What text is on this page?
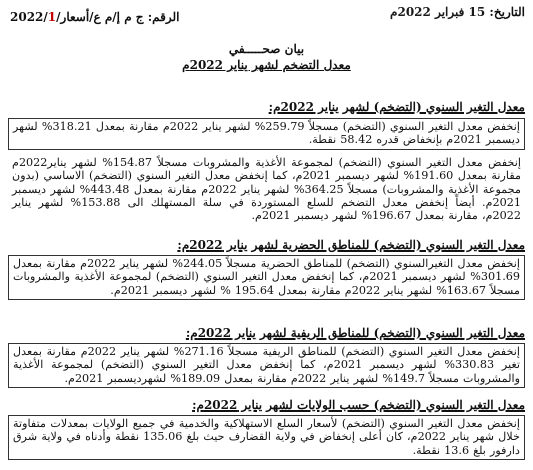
التاريخ: 15 فبراير 2022م
الرقم: ج م إ/م ع/أسعار/2022/1
بيان صحـــــفي
معدل التضخم لشهر يناير 2022م
معدل التغير السنوي (التضخم) لشهر يناير 2022م:
إنخفض معدل التغير السنوي (التضخم) مسجلاً 259.79% لشهر يناير 2022م مقارنة بمعدل 318.21% لشهر ديسمبر 2021م بإنخفاض قدره 58.42 نقطة.
إنخفض معدل التغير السنوي (التضخم) لمجموعة الأغذية والمشروبات مسجلاً 154.87% لشهر يناير2022م مقارنة بمعدل 191.60% لشهر ديسمبر 2021م، كما إنخفض معدل التغير السنوي (التضخم) الاساسي (بدون مجموعة الأغذية والمشروبات) مسجلاً 364.25% لشهر يناير 2022م مقارنة بمعدل 443.48% لشهر ديسمبر 2021م. أيضاً إنخفض معدل التضخم للسلع المستوردة في سلة المستهلك الى 153.88% لشهر يناير 2022م، مقارنة بمعدل 196.67% لشهر ديسمبر 2021م.
معدل التغير السنوي (التضخم) للمناطق الحضرية لشهر يناير 2022م:
إنخفض معدل التغيرالسنوي (التضخم) للمناطق الحضرية مسجلاً 244.05% لشهر يناير 2022م مقارنة بمعدل 301.69% لشهر ديسمبر 2021م، كما إنخفض معدل التغير السنوي (التضخم) لمجموعة الأغذية والمشروبات مسجلاً 163.67% لشهر يناير 2022م مقارنة بمعدل 195.64 % لشهر ديسمبر 2021م.
معدل التغير السنوي (التضخم) للمناطق الريفية لشهر يناير 2022م:
إنخفض معدل التغير السنوي (التضخم) للمناطق الريفية مسجلاً 271.16% لشهر يناير 2022م مقارنة بمعدل تغير 330.83% لشهر ديسمبر 2021م، كما إنخفض معدل التغير السنوي (التضخم) لمجموعة الأغذية والمشروبات مسجلاً 149.7% لشهر يناير 2022م مقارنة بمعدل 189.09% لشهرديسمبر 2021م.
معدل التغير السنوي (التضخم) حسب الولايات لشهر يناير 2022م:
إنخفض معدل التغير السنوي (التضخم) لأسعار السلع الاستهلاكية والخدمية في جميع الولايات بمعدلات متفاوتة خلال شهر يناير 2022م، كان أعلى إنخفاض في ولاية القضارف حيث بلغ 135.06 نقطة وأدناه في ولاية شرق دارفور بلغ 13.6 نقطة.
